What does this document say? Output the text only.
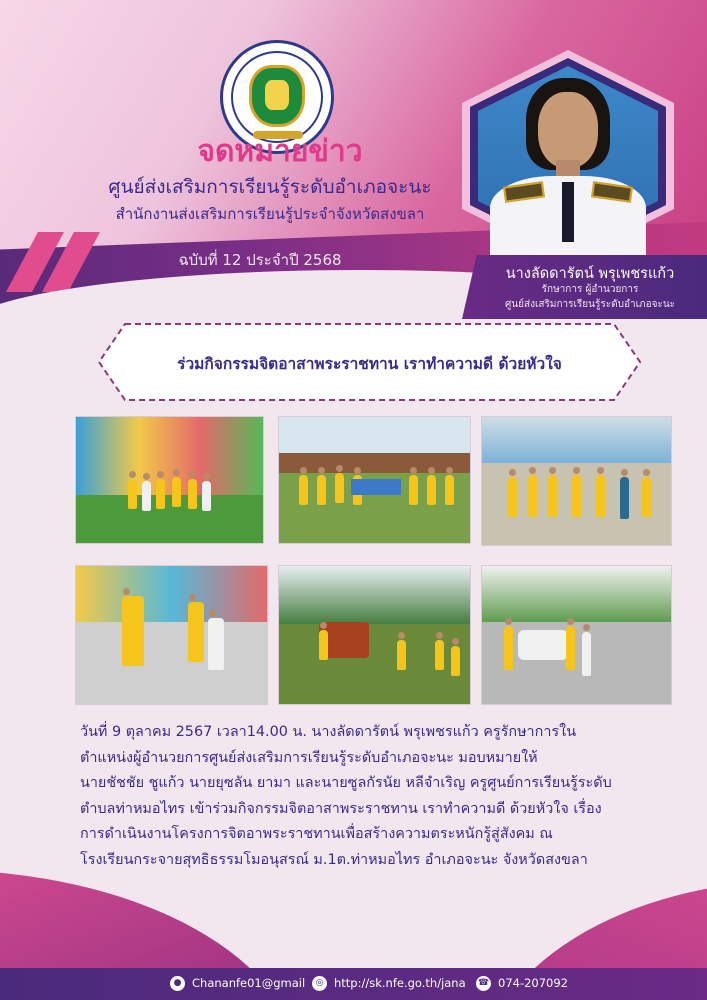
จดหมายข่าว
ศูนย์ส่งเสริมการเรียนรู้ระดับอำเภอจะนะ
สำนักงานส่งเสริมการเรียนรู้ประจำจังหวัดสงขลา
ฉบับที่ 12 ประจำปี 2568
นางลัดดารัตน์ พรุเพชรแก้ว
รักษาการ ผู้อำนวยการ
ศูนย์ส่งเสริมการเรียนรู้ระดับอำเภอจะนะ
ร่วมกิจกรรมจิตอาสาพระราชทาน เราทำความดี ด้วยหัวใจ
วันที่ 9 ตุลาคม 2567 เวลา14.00 น. นางลัดดารัตน์ พรุเพชรแก้ว ครูรักษาการใน
ตำแหน่งผู้อำนวยการศูนย์ส่งเสริมการเรียนรู้ระดับอำเภอจะนะ มอบหมายให้
นายชัชชัย ชูแก้ว นายยุซลัน ยามา และนายซูลกัรนัย หลีจำเริญ ครูศูนย์การเรียนรู้ระดับ
ตำบลท่าหมอไทร เข้าร่วมกิจกรรมจิตอาสาพระราชทาน เราทำความดี ด้วยหัวใจ เรื่อง
การดำเนินงานโครงการจิตอาพระราชทานเพื่อสร้างความตระหนักรู้สู่สังคม ณ
โรงเรียนกระจายสุทธิธรรมโมอนุสรณ์ ม.1ต.ท่าหมอไทร อำเภอจะนะ จังหวัดสงขลา
● Chananfe01@gmail	◎ http://sk.nfe.go.th/jana ☎ 074-207092
